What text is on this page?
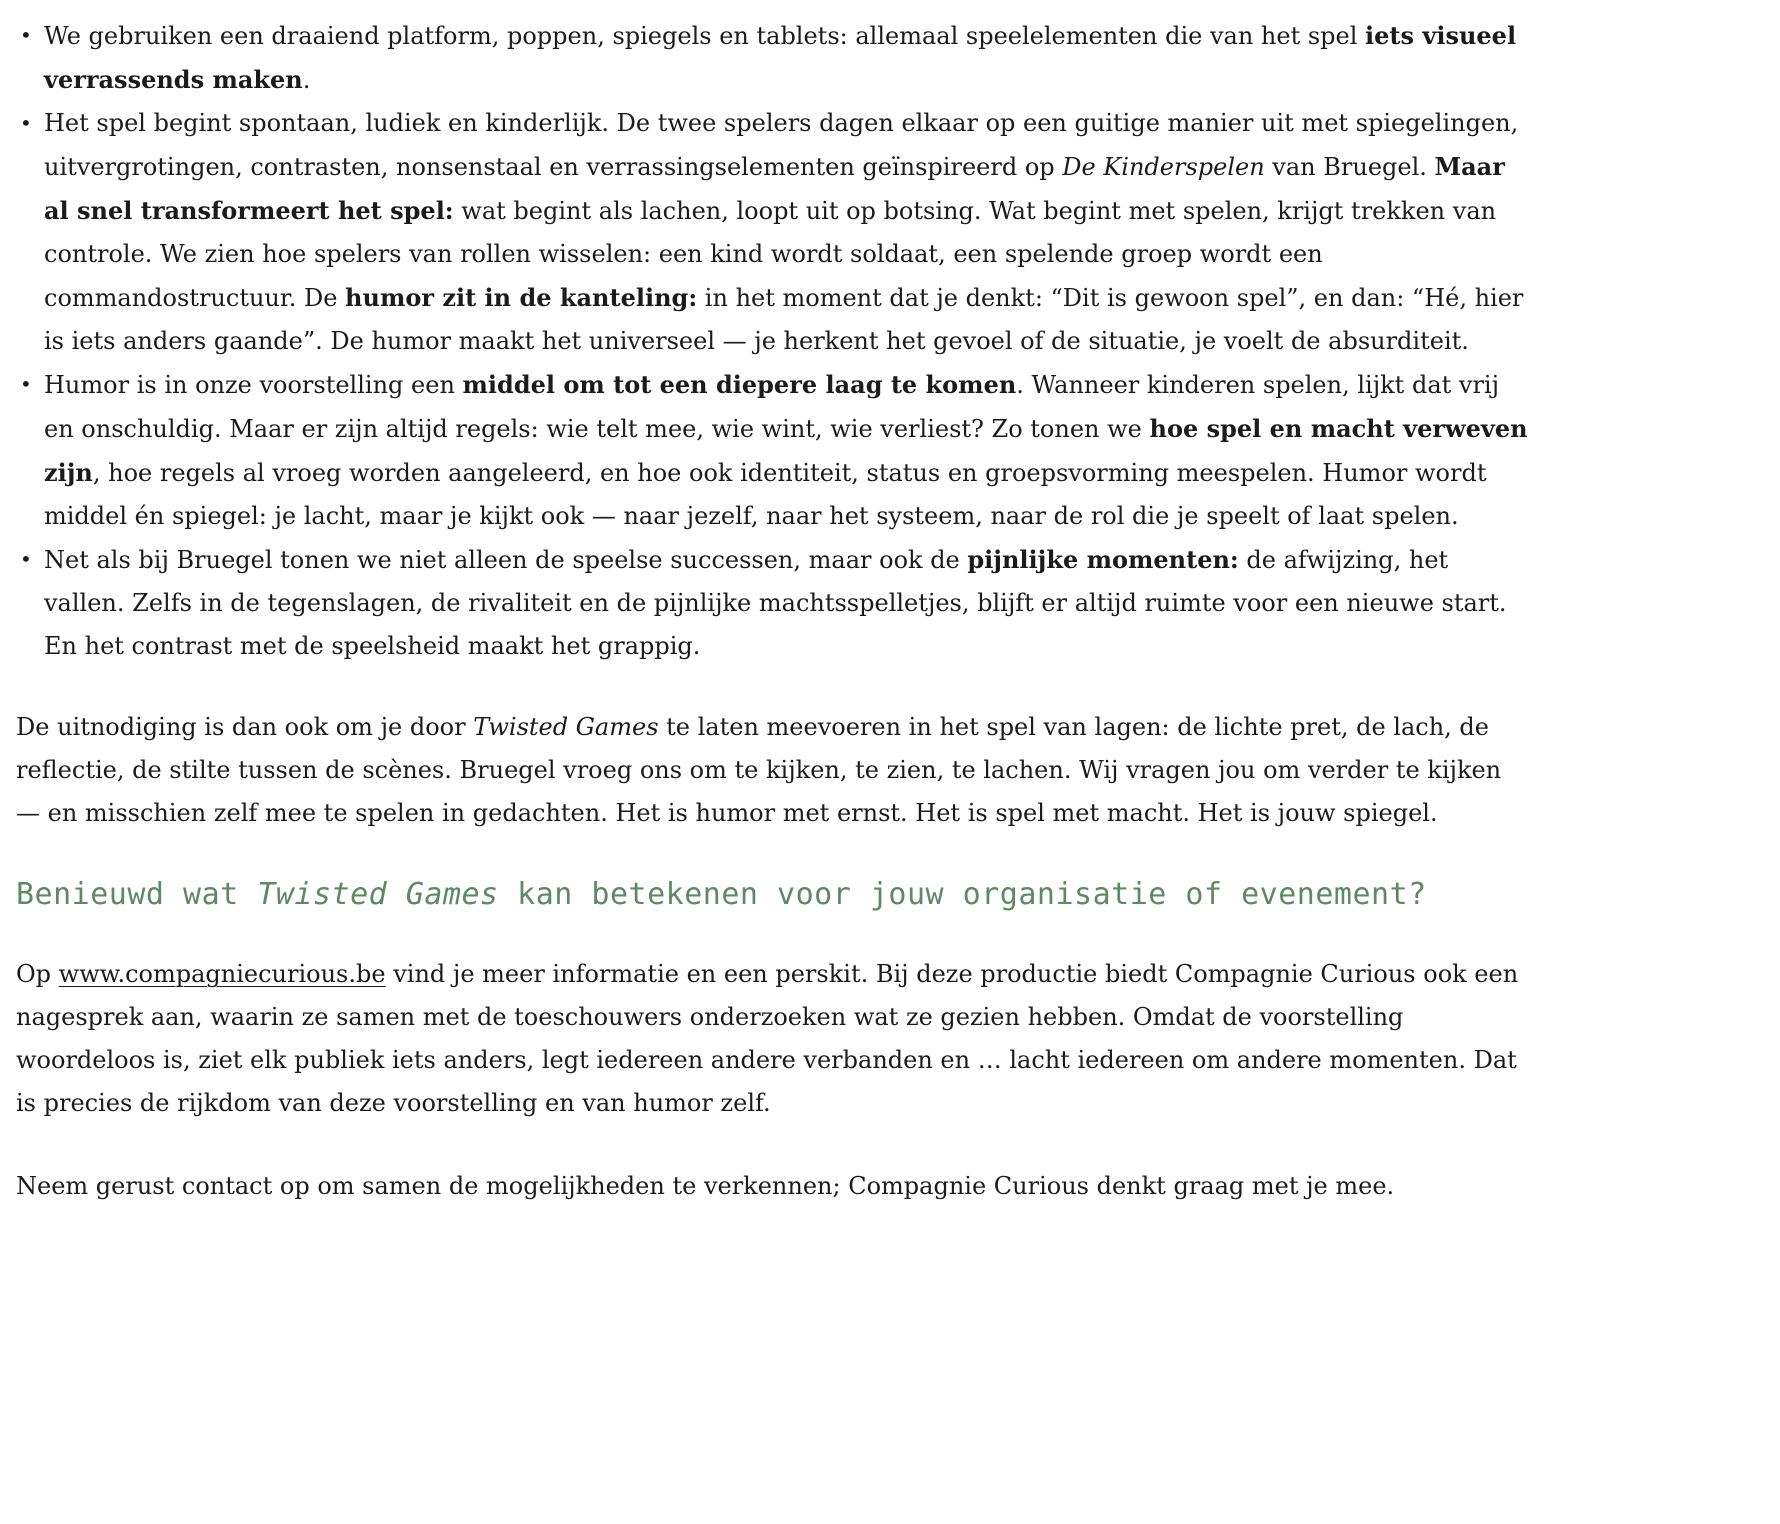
• We gebruiken een draaiend platform, poppen, spiegels en tablets: allemaal speelelementen die van het spel iets visueel verrassends maken.
• Het spel begint spontaan, ludiek en kinderlijk. De twee spelers dagen elkaar op een guitige manier uit met spiegelingen, uitvergrotingen, contrasten, nonsenstaal en verrassingselementen geïnspireerd op De Kinderspelen van Bruegel. Maar al snel transformeert het spel: wat begint als lachen, loopt uit op botsing. Wat begint met spelen, krijgt trekken van controle. We zien hoe spelers van rollen wisselen: een kind wordt soldaat, een spelende groep wordt een commandostructuur. De humor zit in de kanteling: in het moment dat je denkt: “Dit is gewoon spel”, en dan: “Hé, hier is iets anders gaande”. De humor maakt het universeel — je herkent het gevoel of de situatie, je voelt de absurditeit.
• Humor is in onze voorstelling een middel om tot een diepere laag te komen. Wanneer kinderen spelen, lijkt dat vrij en onschuldig. Maar er zijn altijd regels: wie telt mee, wie wint, wie verliest? Zo tonen we hoe spel en macht verweven zijn, hoe regels al vroeg worden aangeleerd, en hoe ook identiteit, status en groepsvorming meespelen. Humor wordt middel én spiegel: je lacht, maar je kijkt ook — naar jezelf, naar het systeem, naar de rol die je speelt of laat spelen.
• Net als bij Bruegel tonen we niet alleen de speelse successen, maar ook de pijnlijke momenten: de afwijzing, het vallen. Zelfs in de tegenslagen, de rivaliteit en de pijnlijke machtsspelletjes, blijft er altijd ruimte voor een nieuwe start. En het contrast met de speelsheid maakt het grappig.

De uitnodiging is dan ook om je door Twisted Games te laten meevoeren in het spel van lagen: de lichte pret, de lach, de reflectie, de stilte tussen de scènes. Bruegel vroeg ons om te kijken, te zien, te lachen. Wij vragen jou om verder te kijken — en misschien zelf mee te spelen in gedachten. Het is humor met ernst. Het is spel met macht. Het is jouw spiegel.

Benieuwd wat Twisted Games kan betekenen voor jouw organisatie of evenement?

Op www.compagniecurious.be vind je meer informatie en een perskit. Bij deze productie biedt Compagnie Curious ook een nagesprek aan, waarin ze samen met de toeschouwers onderzoeken wat ze gezien hebben. Omdat de voorstelling woordeloos is, ziet elk publiek iets anders, legt iedereen andere verbanden en … lacht iedereen om andere momenten. Dat is precies de rijkdom van deze voorstelling en van humor zelf.

Neem gerust contact op om samen de mogelijkheden te verkennen; Compagnie Curious denkt graag met je mee.
